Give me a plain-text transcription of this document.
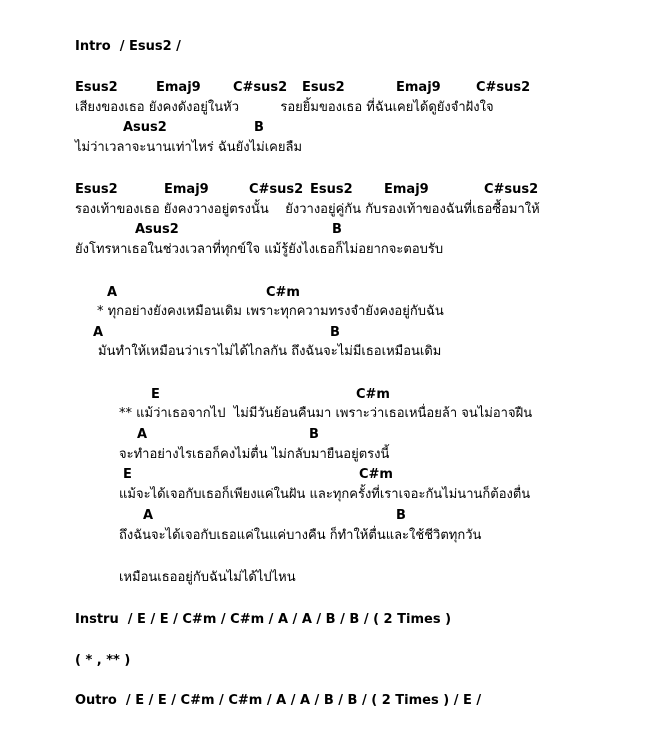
Intro  / Esus2 /

Esus2

	Emaj9

C#sus2

Esus2

	Emaj9

	C#sus2

เสียงของเธอ ยังคงดังอยู่ในหัว          รอยยิ้มของเธอ ที่ฉันเคยได้ดูยังจำฝังใจ

Asus2

	B

ไม่ว่าเวลาจะนานเท่าไหร่ ฉันยังไม่เคยลืม

Esus2

	Emaj9

	C#sus2

Esus2

Emaj9

	C#sus2

รองเท้าของเธอ ยังคงวางอยู่ตรงนั้น    ยังวางอยู่คู่กัน กับรองเท้าของฉันที่เธอซื้อมาให้

Asus2

	B

ยังโทรหาเธอในช่วงเวลาที่ทุกข์ใจ แม้รู้ยังไงเธอก็ไม่อยากจะตอบรับ

A

	C#m

* ทุกอย่างยังคงเหมือนเดิม เพราะทุกความทรงจำยังคงอยู่กับฉัน

A

	B

มันทำให้เหมือนว่าเราไม่ได้ไกลกัน ถึงฉันจะไม่มีเธอเหมือนเดิม

E

	C#m

** แม้ว่าเธอจากไป  ไม่มีวันย้อนคืนมา เพราะว่าเธอเหนื่อยล้า จนไม่อาจฝืน

A

	B

จะทำอย่างไรเธอก็คงไม่ตื่น ไม่กลับมายืนอยู่ตรงนี้

E

	C#m

แม้จะได้เจอกับเธอก็เพียงแค่ในฝัน และทุกครั้งที่เราเจอะกันไม่นานก็ต้องตื่น

A

	B

ถึงฉันจะได้เจอกับเธอแค่ในแค่บางคืน ก็ทำให้ตื่นและใช้ชีวิตทุกวัน
เหมือนเธออยู่กับฉันไม่ได้ไปไหน
Instru  / E / E / C#m / C#m / A / A / B / B / ( 2 Times )
( * , ** )
Outro  / E / E / C#m / C#m / A / A / B / B / ( 2 Times ) / E /
